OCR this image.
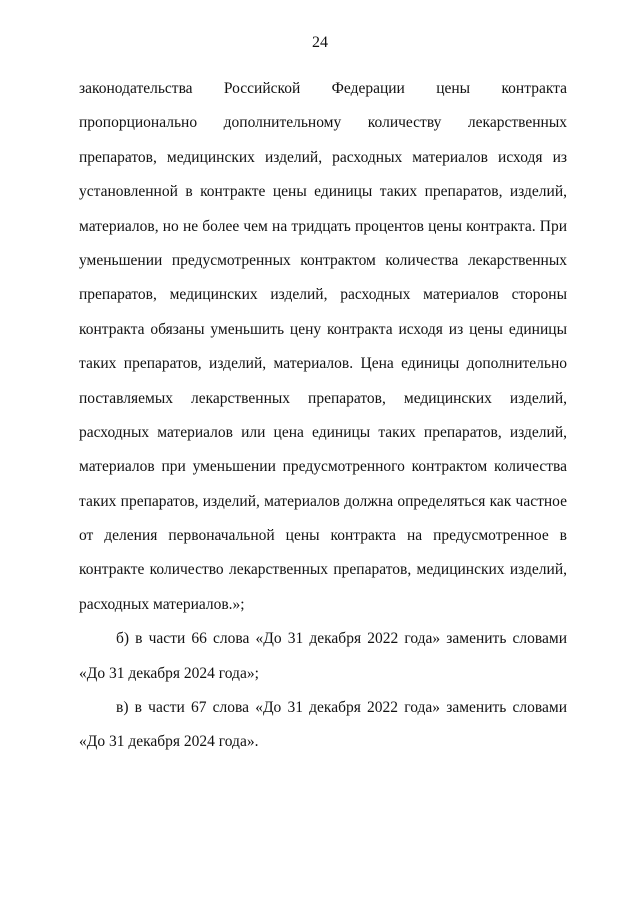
24
законодательства Российской Федерации цены контракта
пропорционально дополнительному количеству лекарственных
препаратов, медицинских изделий, расходных материалов исходя из
установленной в контракте цены единицы таких препаратов, изделий,
материалов, но не более чем на тридцать процентов цены контракта. При
уменьшении предусмотренных контрактом количества лекарственных
препаратов, медицинских изделий, расходных материалов стороны
контракта обязаны уменьшить цену контракта исходя из цены единицы
таких препаратов, изделий, материалов. Цена единицы дополнительно
поставляемых лекарственных препаратов, медицинских изделий,
расходных материалов или цена единицы таких препаратов, изделий,
материалов при уменьшении предусмотренного контрактом количества
таких препаратов, изделий, материалов должна определяться как частное
от деления первоначальной цены контракта на предусмотренное в
контракте количество лекарственных препаратов, медицинских изделий,
расходных материалов.»;
б) в части 66 слова «До 31 декабря 2022 года» заменить словами
«До 31 декабря 2024 года»;
в) в части 67 слова «До 31 декабря 2022 года» заменить словами
«До 31 декабря 2024 года».
